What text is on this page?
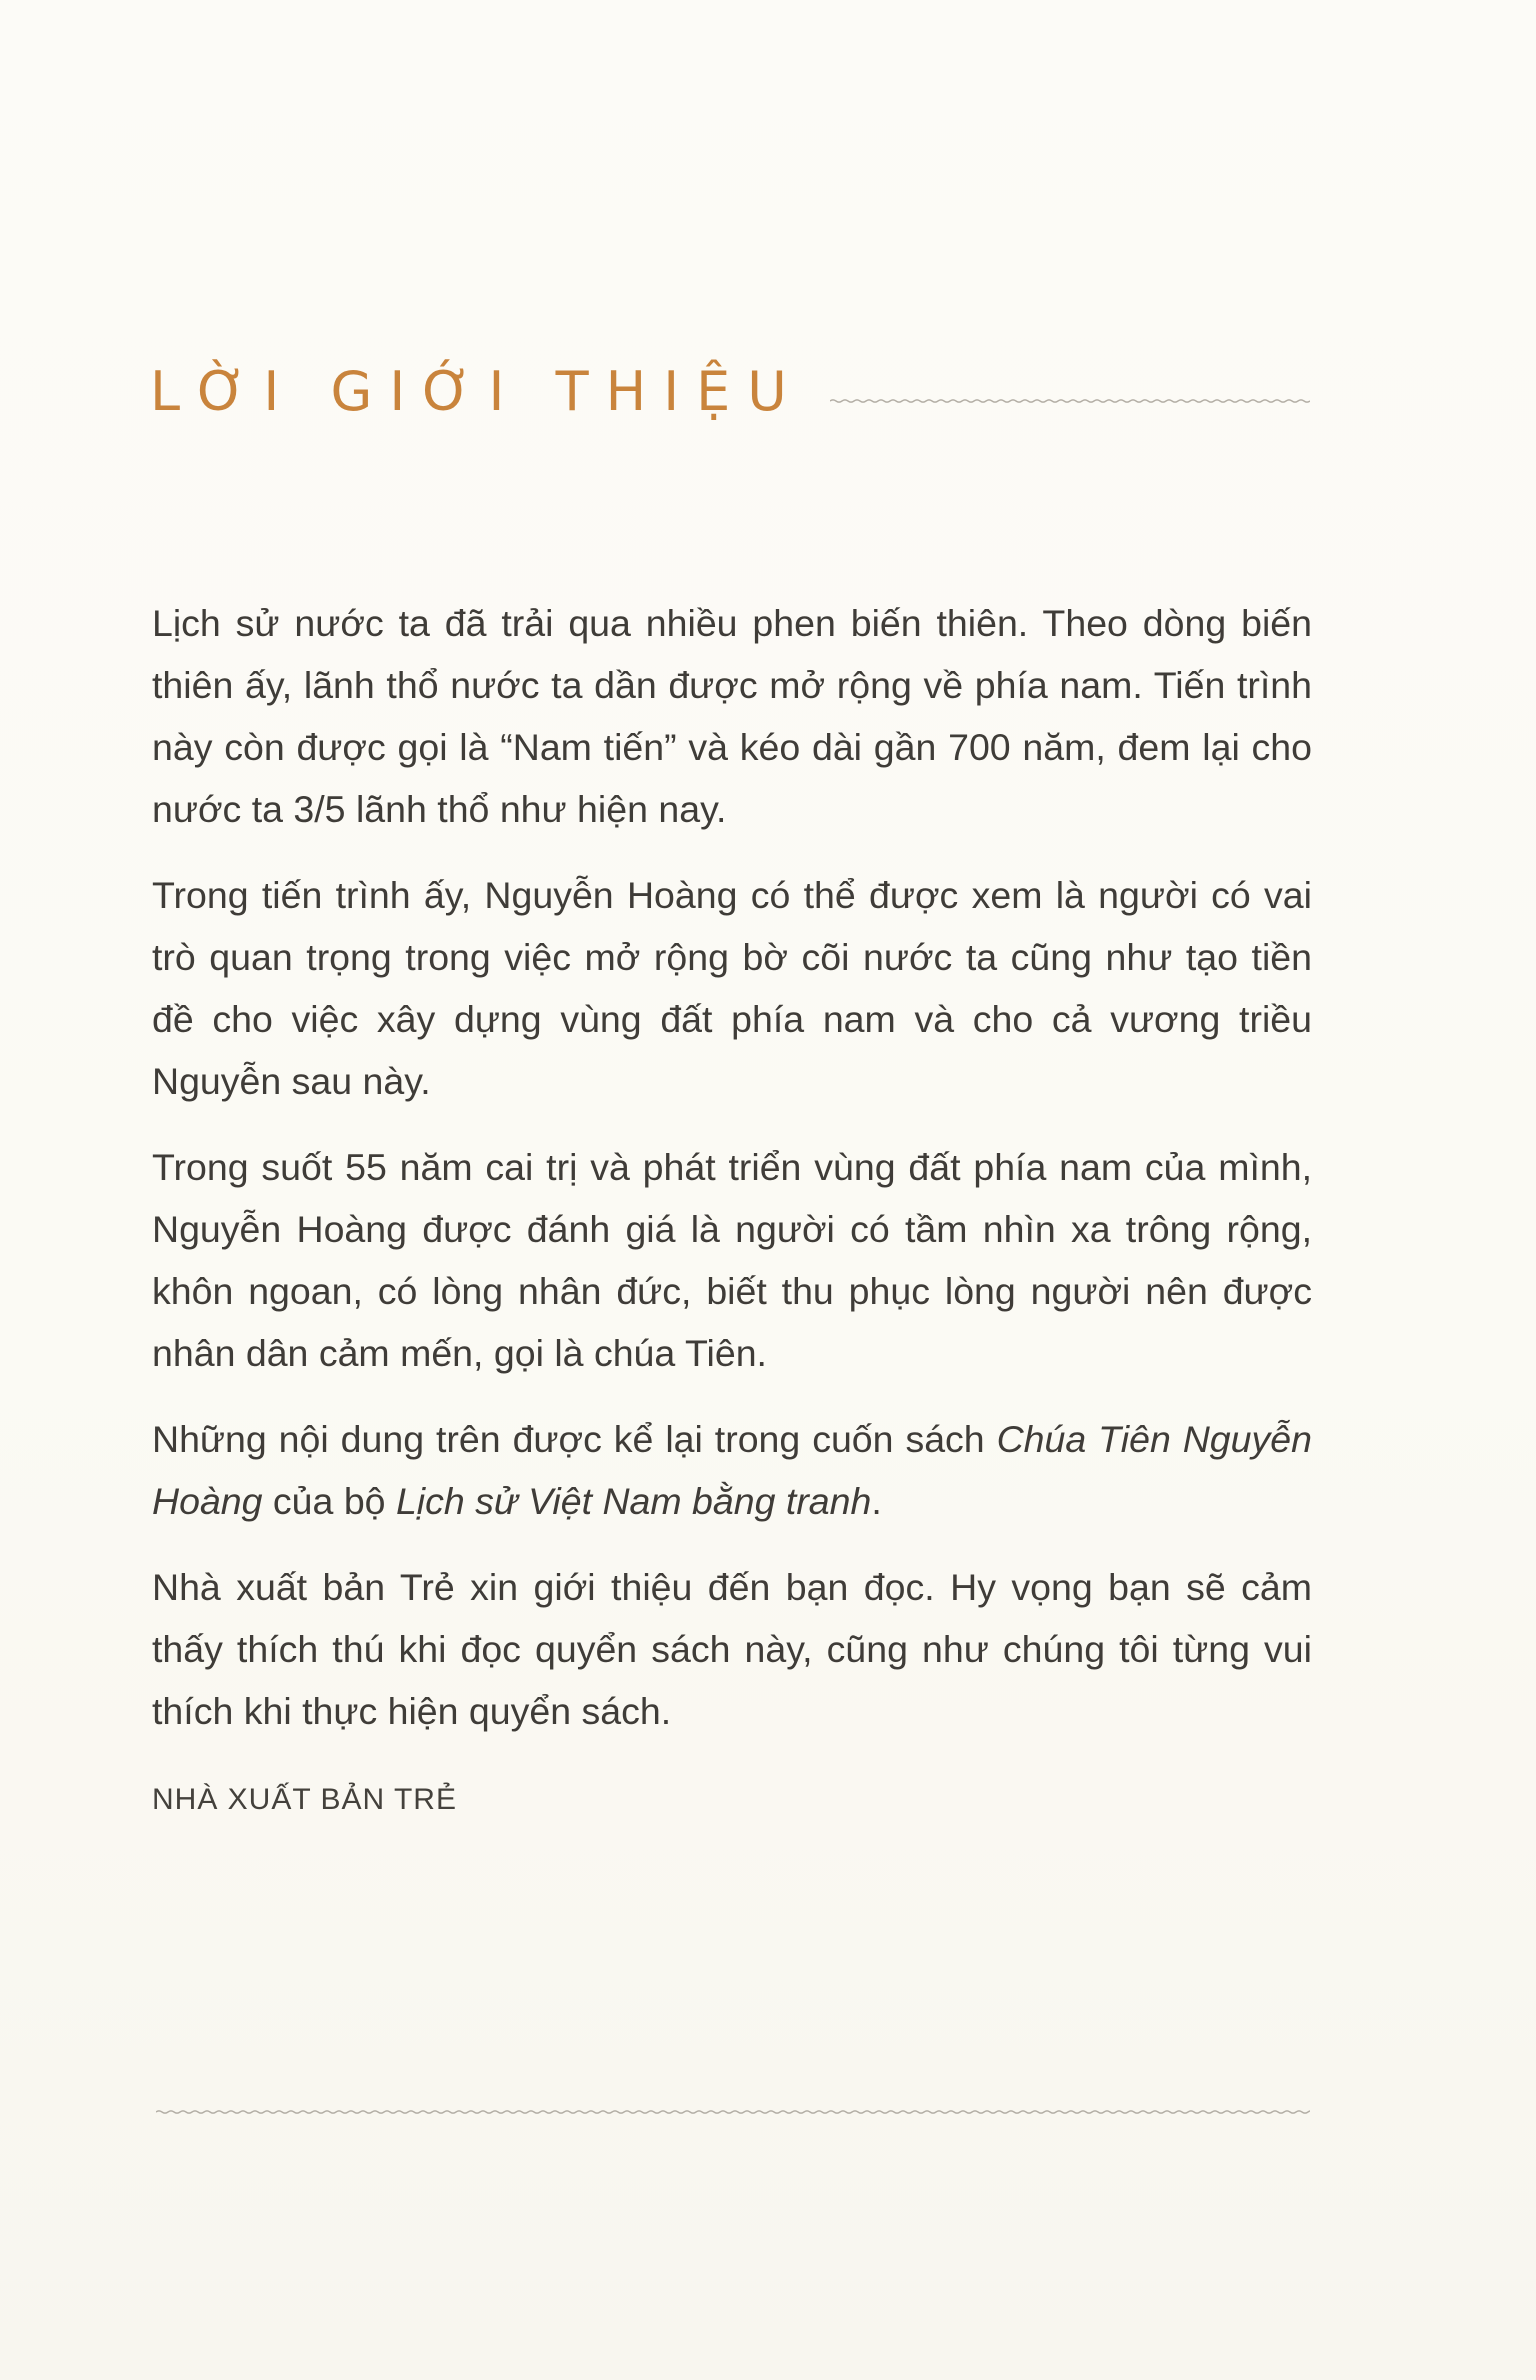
LỜI GIỚI THIỆU

Lịch sử nước ta đã trải qua nhiều phen biến thiên. Theo dòng biến thiên ấy, lãnh thổ nước ta dần được mở rộng về phía nam. Tiến trình này còn được gọi là “Nam tiến” và kéo dài gần 700 năm, đem lại cho nước ta 3/5 lãnh thổ như hiện nay.

Trong tiến trình ấy, Nguyễn Hoàng có thể được xem là người có vai trò quan trọng trong việc mở rộng bờ cõi nước ta cũng như tạo tiền đề cho việc xây dựng vùng đất phía nam và cho cả vương triều Nguyễn sau này.

Trong suốt 55 năm cai trị và phát triển vùng đất phía nam của mình, Nguyễn Hoàng được đánh giá là người có tầm nhìn xa trông rộng, khôn ngoan, có lòng nhân đức, biết thu phục lòng người nên được nhân dân cảm mến, gọi là chúa Tiên.

Những nội dung trên được kể lại trong cuốn sách Chúa Tiên Nguyễn Hoàng của bộ Lịch sử Việt Nam bằng tranh.

Nhà xuất bản Trẻ xin giới thiệu đến bạn đọc. Hy vọng bạn sẽ cảm thấy thích thú khi đọc quyển sách này, cũng như chúng tôi từng vui thích khi thực hiện quyển sách.

NHÀ XUẤT BẢN TRẺ
